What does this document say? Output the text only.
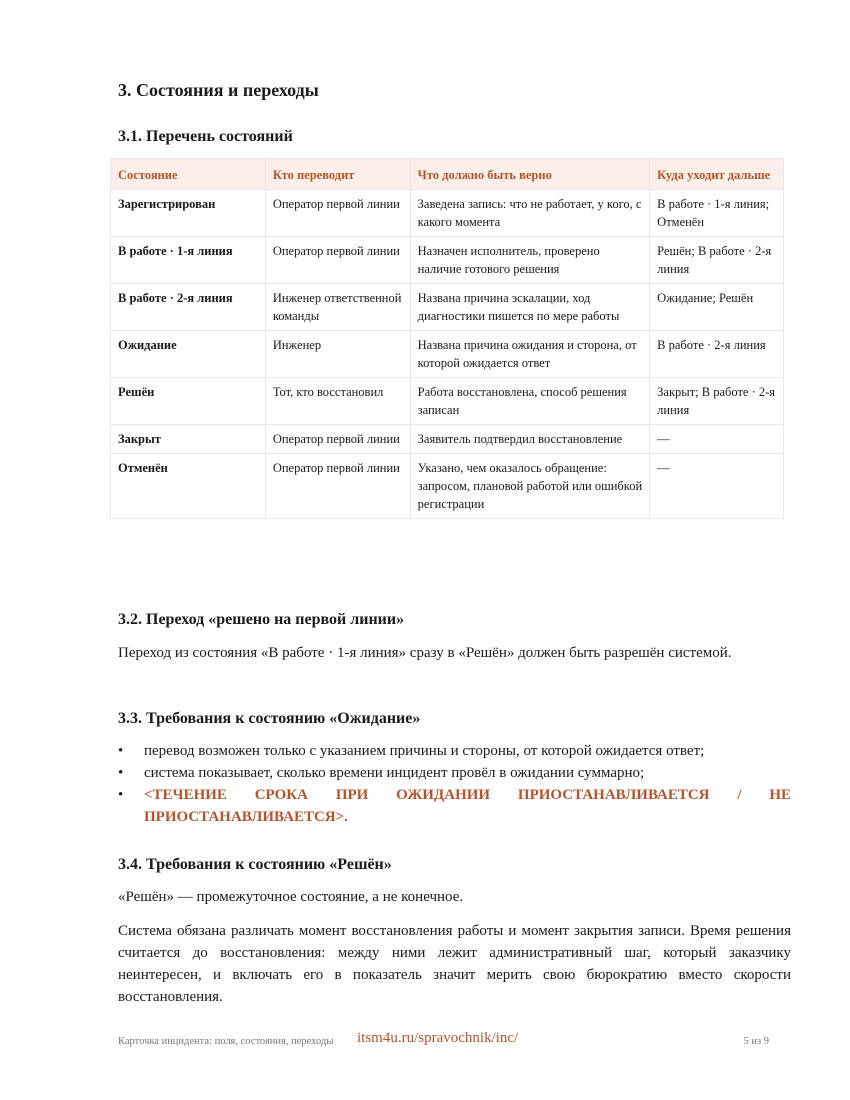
3. Состояния и переходы
3.1. Перечень состояний
Состояние	Кто переводит	Что должно быть верно	Куда уходит дальше
Зарегистрирован	Оператор первой линии	Заведена запись: что не работает, у кого, с какого момента	В работе · 1-я линия; Отменён
В работе · 1-я линия	Оператор первой линии	Назначен исполнитель, проверено наличие готового решения	Решён; В работе · 2-я линия
В работе · 2-я линия	Инженер ответственной команды	Названа причина эскалации, ход диагностики пишется по мере работы	Ожидание; Решён
Ожидание	Инженер	Названа причина ожидания и сторона, от которой ожидается ответ	В работе · 2-я линия
Решён	Тот, кто восстановил	Работа восстановлена, способ решения записан	Закрыт; В работе · 2-я линия
Закрыт	Оператор первой линии	Заявитель подтвердил восстановление	—
Отменён	Оператор первой линии	Указано, чем оказалось обращение: запросом, плановой работой или ошибкой регистрации	—
3.2. Переход «решено на первой линии»

Переход из состояния «В работе · 1-я линия» сразу в «Решён» должен быть разрешён системой.

3.3. Требования к состоянию «Ожидание»
• перевод возможен только с указанием причины и стороны, от которой ожидается ответ;
• система показывает, сколько времени инцидент провёл в ожидании суммарно;
• <ТЕЧЕНИЕ СРОКА ПРИ ОЖИДАНИИ ПРИОСТАНАВЛИВАЕТСЯ / НЕ
ПРИОСТАНАВЛИВАЕТСЯ>.
3.4. Требования к состоянию «Решён»

«Решён» — промежуточное состояние, а не конечное.

Система обязана различать момент восстановления работы и момент закрытия записи. Время решения считается до восстановления: между ними лежит административный шаг, который заказчику неинтересен, и включать его в показатель значит мерить свою бюрократию вместо скорости восстановления.

Карточка инцидента: поля, состояния, переходы itsm4u.ru/spravochnik/inc/	5 из 9
